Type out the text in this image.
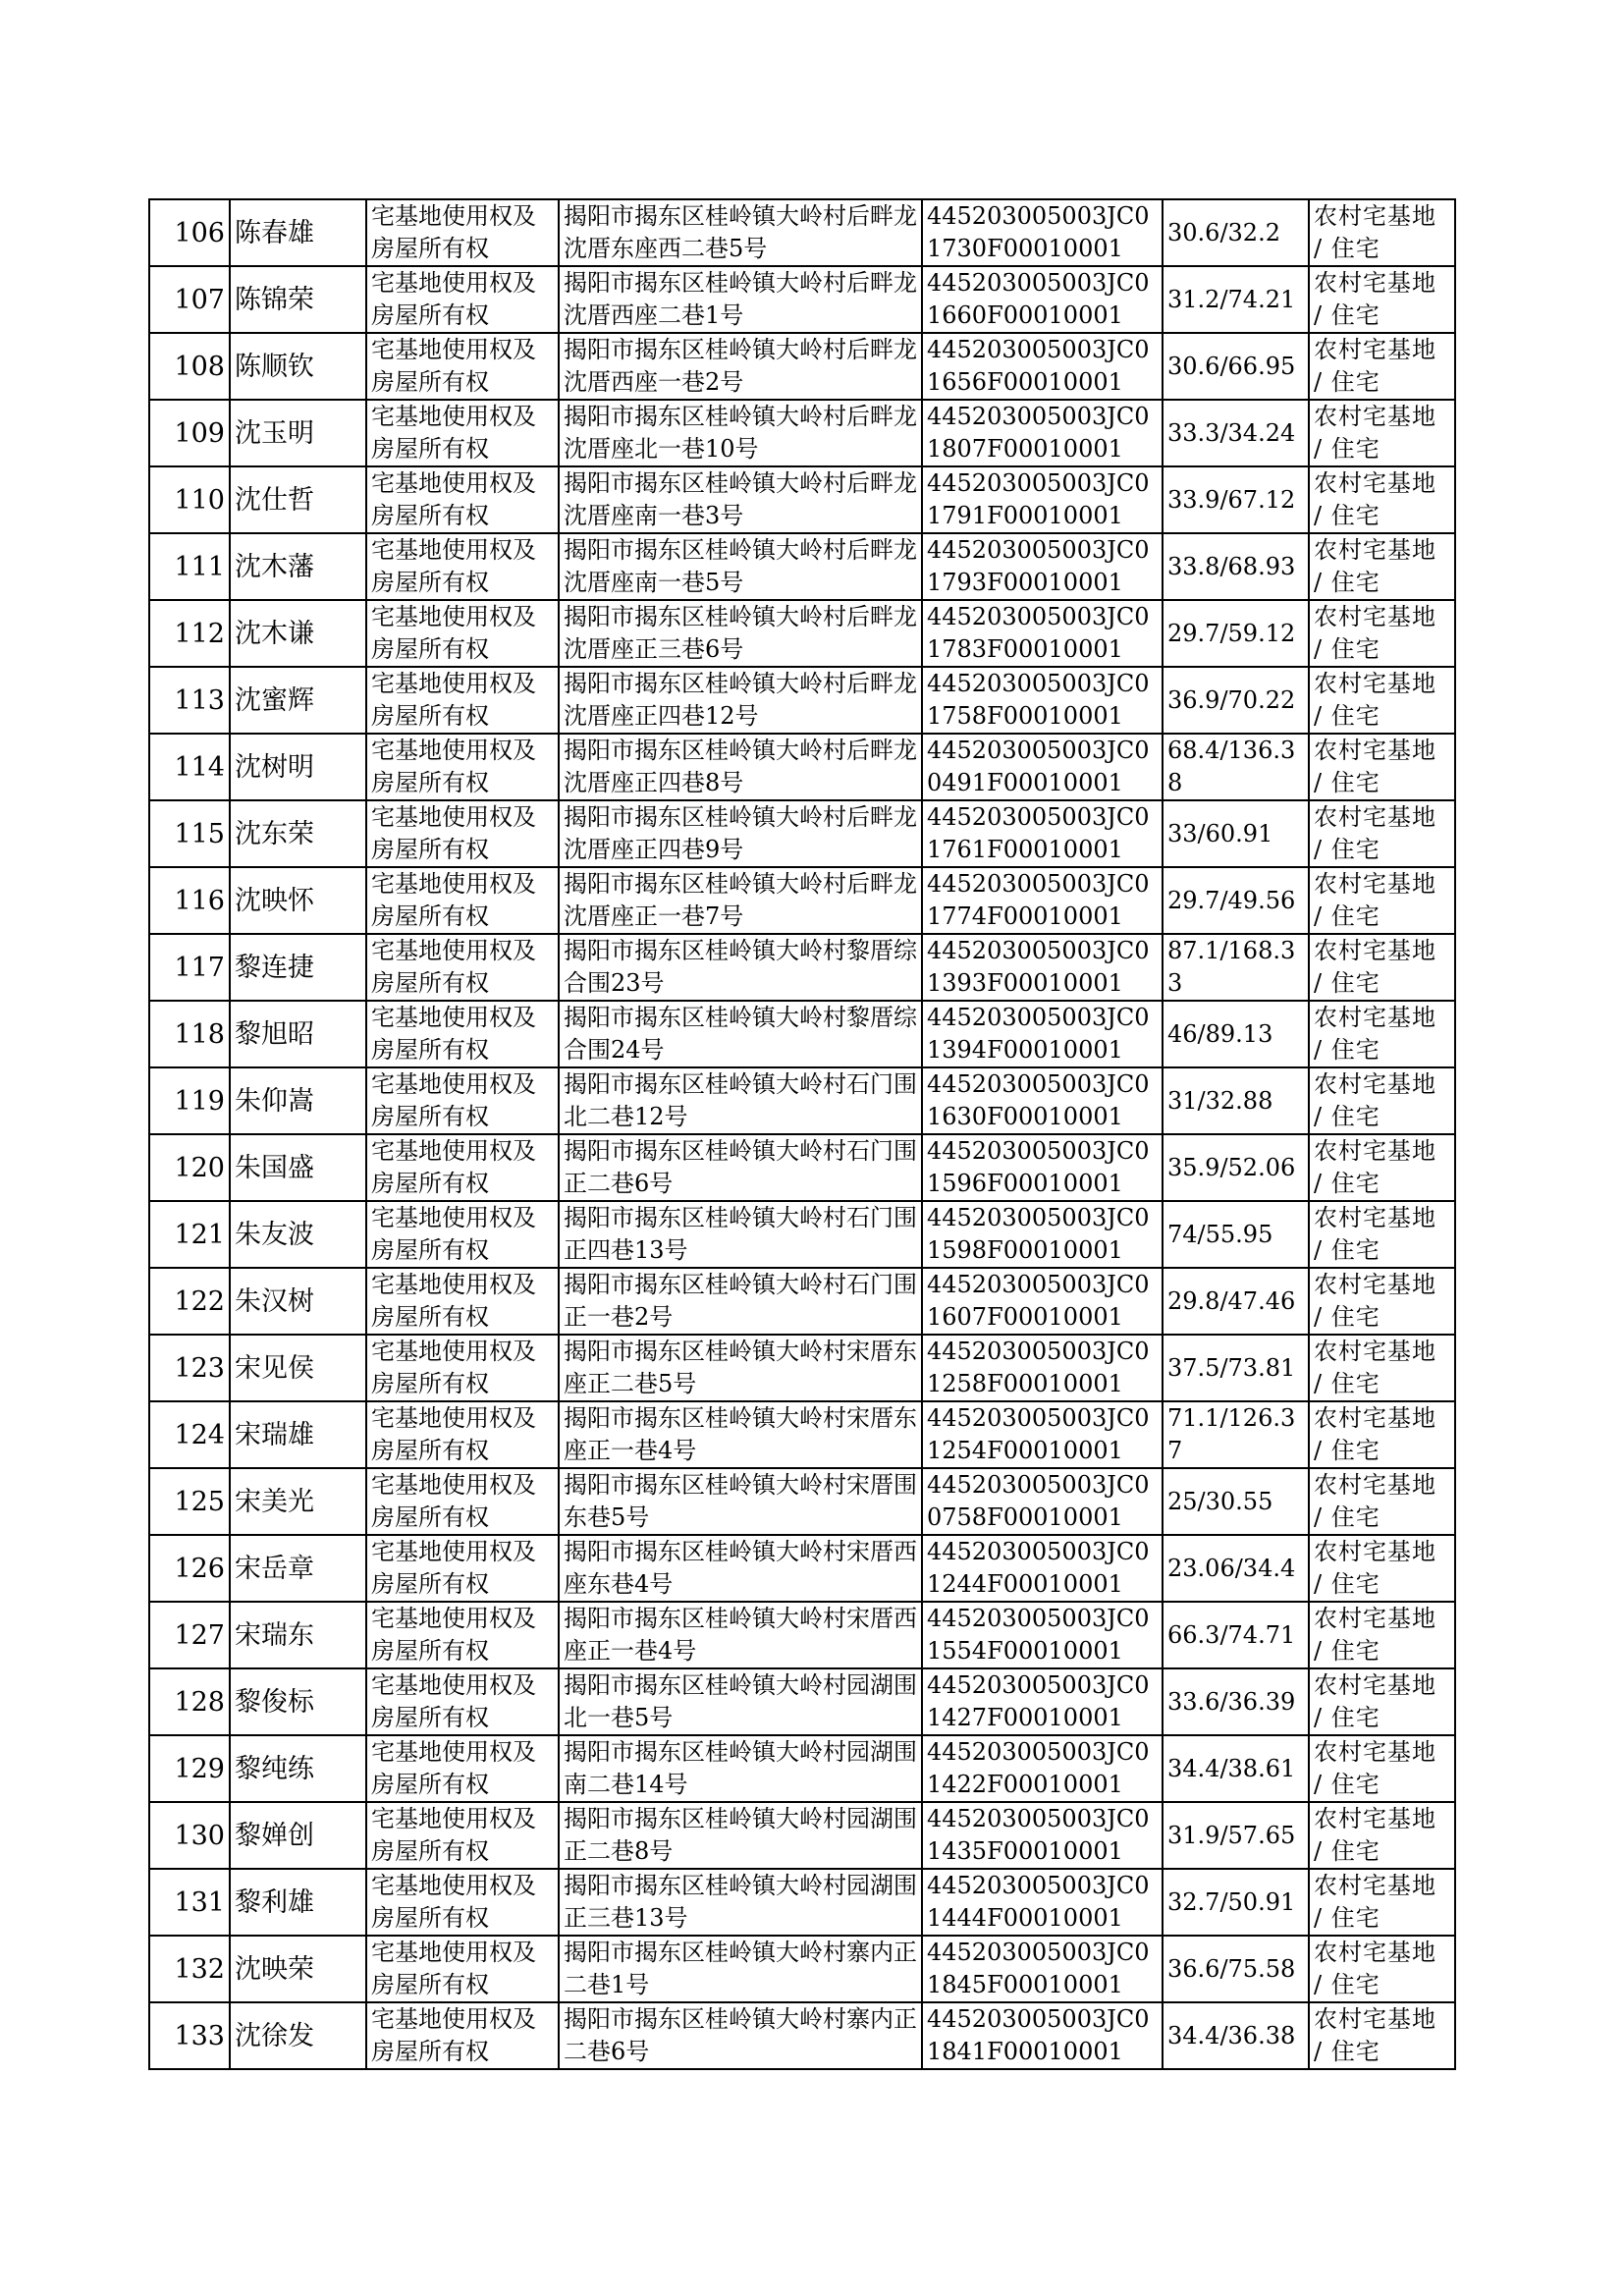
106	陈春雄	宅基地使用权及房屋所有权	揭阳市揭东区桂岭镇大岭村后畔龙沈厝东座西二巷5号	445203005003JC01730F00010001	30.6/32.2	农村宅基地 / 住宅
107	陈锦荣	宅基地使用权及房屋所有权	揭阳市揭东区桂岭镇大岭村后畔龙沈厝西座二巷1号	445203005003JC01660F00010001	31.2/74.21	农村宅基地 / 住宅
108	陈顺钦	宅基地使用权及房屋所有权	揭阳市揭东区桂岭镇大岭村后畔龙沈厝西座一巷2号	445203005003JC01656F00010001	30.6/66.95	农村宅基地 / 住宅
109	沈玉明	宅基地使用权及房屋所有权	揭阳市揭东区桂岭镇大岭村后畔龙沈厝座北一巷10号	445203005003JC01807F00010001	33.3/34.24	农村宅基地 / 住宅
110	沈仕哲	宅基地使用权及房屋所有权	揭阳市揭东区桂岭镇大岭村后畔龙沈厝座南一巷3号	445203005003JC01791F00010001	33.9/67.12	农村宅基地 / 住宅
111	沈木藩	宅基地使用权及房屋所有权	揭阳市揭东区桂岭镇大岭村后畔龙沈厝座南一巷5号	445203005003JC01793F00010001	33.8/68.93	农村宅基地 / 住宅
112	沈木谦	宅基地使用权及房屋所有权	揭阳市揭东区桂岭镇大岭村后畔龙沈厝座正三巷6号	445203005003JC01783F00010001	29.7/59.12	农村宅基地 / 住宅
113	沈蜜辉	宅基地使用权及房屋所有权	揭阳市揭东区桂岭镇大岭村后畔龙沈厝座正四巷12号	445203005003JC01758F00010001	36.9/70.22	农村宅基地 / 住宅
114	沈树明	宅基地使用权及房屋所有权	揭阳市揭东区桂岭镇大岭村后畔龙沈厝座正四巷8号	445203005003JC00491F00010001	68.4/136.38	农村宅基地 / 住宅
115	沈东荣	宅基地使用权及房屋所有权	揭阳市揭东区桂岭镇大岭村后畔龙沈厝座正四巷9号	445203005003JC01761F00010001	33/60.91	农村宅基地 / 住宅
116	沈映怀	宅基地使用权及房屋所有权	揭阳市揭东区桂岭镇大岭村后畔龙沈厝座正一巷7号	445203005003JC01774F00010001	29.7/49.56	农村宅基地 / 住宅
117	黎连捷	宅基地使用权及房屋所有权	揭阳市揭东区桂岭镇大岭村黎厝综合围23号	445203005003JC01393F00010001	87.1/168.33	农村宅基地 / 住宅
118	黎旭昭	宅基地使用权及房屋所有权	揭阳市揭东区桂岭镇大岭村黎厝综合围24号	445203005003JC01394F00010001	46/89.13	农村宅基地 / 住宅
119	朱仰嵩	宅基地使用权及房屋所有权	揭阳市揭东区桂岭镇大岭村石门围北二巷12号	445203005003JC01630F00010001	31/32.88	农村宅基地 / 住宅
120	朱国盛	宅基地使用权及房屋所有权	揭阳市揭东区桂岭镇大岭村石门围正二巷6号	445203005003JC01596F00010001	35.9/52.06	农村宅基地 / 住宅
121	朱友波	宅基地使用权及房屋所有权	揭阳市揭东区桂岭镇大岭村石门围正四巷13号	445203005003JC01598F00010001	74/55.95	农村宅基地 / 住宅
122	朱汉树	宅基地使用权及房屋所有权	揭阳市揭东区桂岭镇大岭村石门围正一巷2号	445203005003JC01607F00010001	29.8/47.46	农村宅基地 / 住宅
123	宋见侯	宅基地使用权及房屋所有权	揭阳市揭东区桂岭镇大岭村宋厝东座正二巷5号	445203005003JC01258F00010001	37.5/73.81	农村宅基地 / 住宅
124	宋瑞雄	宅基地使用权及房屋所有权	揭阳市揭东区桂岭镇大岭村宋厝东座正一巷4号	445203005003JC01254F00010001	71.1/126.37	农村宅基地 / 住宅
125	宋美光	宅基地使用权及房屋所有权	揭阳市揭东区桂岭镇大岭村宋厝围东巷5号	445203005003JC00758F00010001	25/30.55	农村宅基地 / 住宅
126	宋岳章	宅基地使用权及房屋所有权	揭阳市揭东区桂岭镇大岭村宋厝西座东巷4号	445203005003JC01244F00010001	23.06/34.4	农村宅基地 / 住宅
127	宋瑞东	宅基地使用权及房屋所有权	揭阳市揭东区桂岭镇大岭村宋厝西座正一巷4号	445203005003JC01554F00010001	66.3/74.71	农村宅基地 / 住宅
128	黎俊标	宅基地使用权及房屋所有权	揭阳市揭东区桂岭镇大岭村园湖围北一巷5号	445203005003JC01427F00010001	33.6/36.39	农村宅基地 / 住宅
129	黎纯练	宅基地使用权及房屋所有权	揭阳市揭东区桂岭镇大岭村园湖围南二巷14号	445203005003JC01422F00010001	34.4/38.61	农村宅基地 / 住宅
130	黎婵创	宅基地使用权及房屋所有权	揭阳市揭东区桂岭镇大岭村园湖围正二巷8号	445203005003JC01435F00010001	31.9/57.65	农村宅基地 / 住宅
131	黎利雄	宅基地使用权及房屋所有权	揭阳市揭东区桂岭镇大岭村园湖围正三巷13号	445203005003JC01444F00010001	32.7/50.91	农村宅基地 / 住宅
132	沈映荣	宅基地使用权及房屋所有权	揭阳市揭东区桂岭镇大岭村寨内正二巷1号	445203005003JC01845F00010001	36.6/75.58	农村宅基地 / 住宅
133	沈徐发	宅基地使用权及房屋所有权	揭阳市揭东区桂岭镇大岭村寨内正二巷6号	445203005003JC01841F00010001	34.4/36.38	农村宅基地 / 住宅
